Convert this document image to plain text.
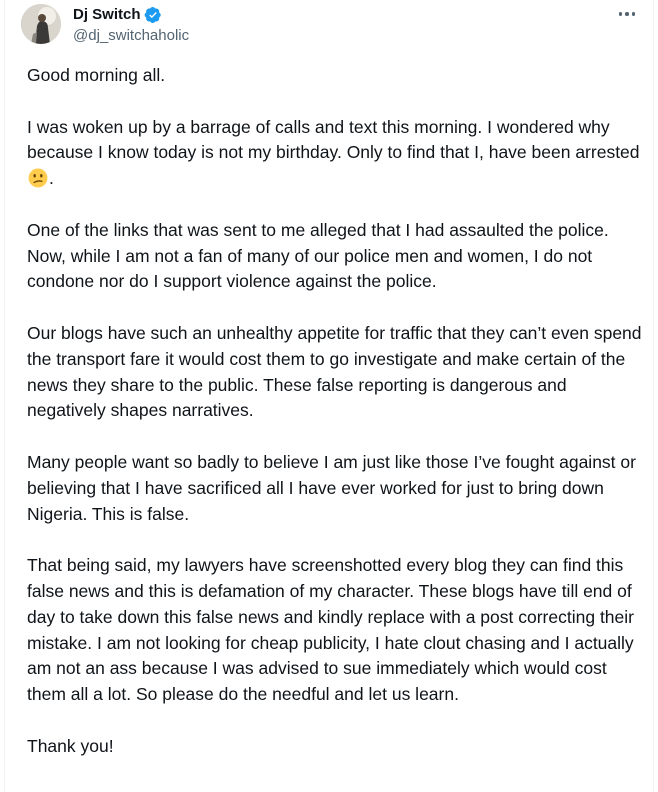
Dj Switch
@dj_switchaholic

Good morning all.

I was woken up by a barrage of calls and text this morning. I wondered why because I know today is not my birthday. Only to find that I, have been arrested .

One of the links that was sent to me alleged that I had assaulted the police. Now, while I am not a fan of many of our police men and women, I do not condone nor do I support violence against the police.

Our blogs have such an unhealthy appetite for traffic that they can’t even spend the transport fare it would cost them to go investigate and make certain of the news they share to the public. These false reporting is dangerous and negatively shapes narratives.

Many people want so badly to believe I am just like those I’ve fought against or believing that I have sacrificed all I have ever worked for just to bring down Nigeria. This is false.

That being said, my lawyers have screenshotted every blog they can find this false news and this is defamation of my character. These blogs have till end of day to take down this false news and kindly replace with a post correcting their mistake. I am not looking for cheap publicity, I hate clout chasing and I actually am not an ass because I was advised to sue immediately which would cost them all a lot. So please do the needful and let us learn.

Thank you!
